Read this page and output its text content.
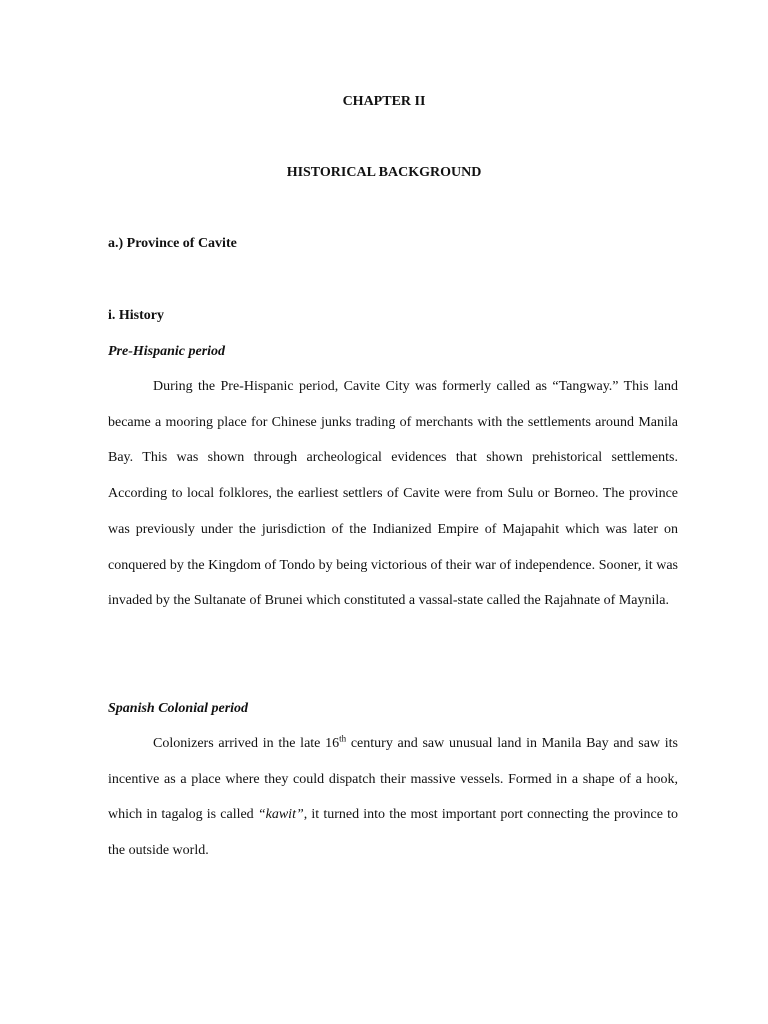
CHAPTER II
HISTORICAL BACKGROUND
a.) Province of Cavite
i. History
Pre-Hispanic period

During the Pre-Hispanic period, Cavite City was formerly called as “Tangway.” This land became a mooring place for Chinese junks trading of merchants with the settlements around Manila Bay. This was shown through archeological evidences that shown prehistorical settlements. According to local folklores, the earliest settlers of Cavite were from Sulu or Borneo. The province was previously under the jurisdiction of the Indianized Empire of Majapahit which was later on conquered by the Kingdom of Tondo by being victorious of their war of independence. Sooner, it was invaded by the Sultanate of Brunei which constituted a vassal-state called the Rajahnate of Maynila.

Spanish Colonial period

Colonizers arrived in the late 16th century and saw unusual land in Manila Bay and saw its incentive as a place where they could dispatch their massive vessels. Formed in a shape of a hook, which in tagalog is called “kawit”, it turned into the most important port connecting the province to the outside world.
